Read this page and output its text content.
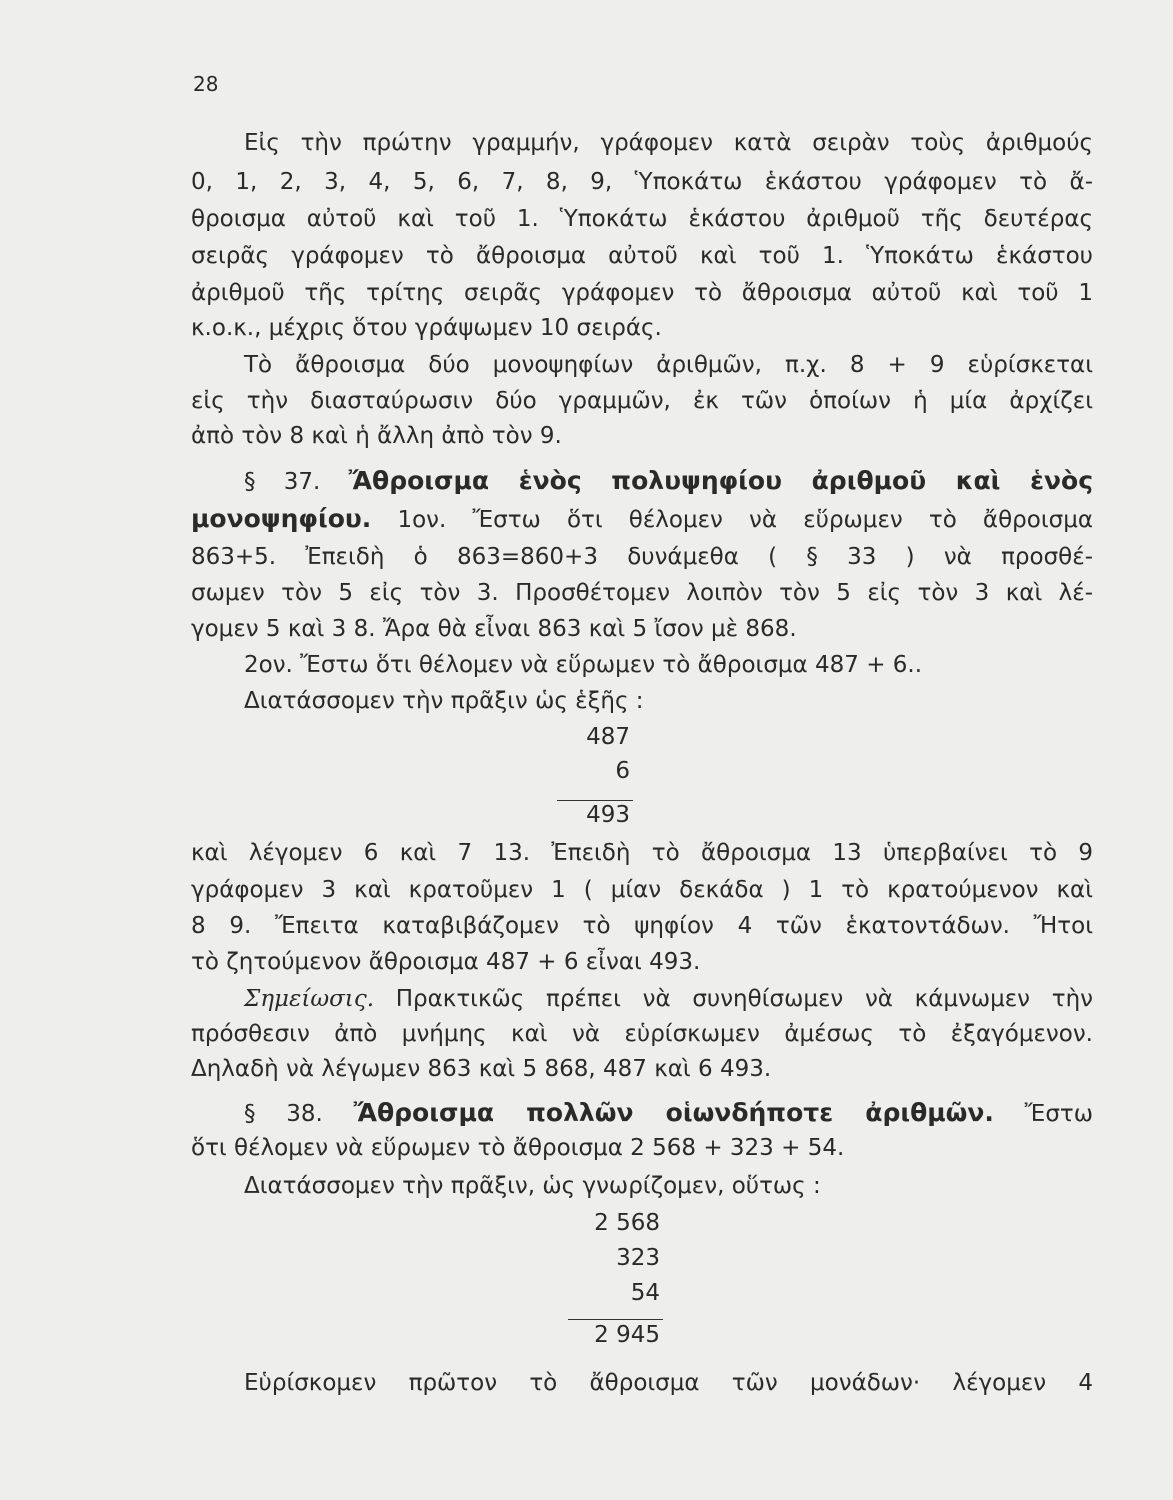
28
Εἰς τὴν πρώτην γραμμήν, γράφομεν κατὰ σειρὰν τοὺς ἀριθμούς
0, 1, 2, 3, 4, 5, 6, 7, 8, 9, Ὑποκάτω ἑκάστου γράφομεν τὸ ἄ-
θροισμα αὐτοῦ καὶ τοῦ 1. Ὑποκάτω ἑκάστου ἀριθμοῦ τῆς δευτέρας
σειρᾶς γράφομεν τὸ ἄθροισμα αὐτοῦ καὶ τοῦ 1. Ὑποκάτω ἑκάστου
ἀριθμοῦ τῆς τρίτης σειρᾶς γράφομεν τὸ ἄθροισμα αὐτοῦ καὶ τοῦ 1
κ.ο.κ., μέχρις ὅτου γράψωμεν 10 σειράς.
Τὸ ἄθροισμα δύο μονοψηφίων ἀριθμῶν, π.χ. 8 + 9 εὑρίσκεται
εἰς τὴν διασταύρωσιν δύο γραμμῶν, ἐκ τῶν ὁποίων ἡ μία ἀρχίζει
ἀπὸ τὸν 8 καὶ ἡ ἄλλη ἀπὸ τὸν 9.
§ 37. Ἄθροισμα ἑνὸς πολυψηφίου ἀριθμοῦ καὶ ἑνὸς
μονοψηφίου. 1ον. Ἔστω ὅτι θέλομεν νὰ εὕρωμεν τὸ ἄθροισμα
863+5. Ἐπειδὴ ὁ 863=860+3 δυνάμεθα ( § 33 ) νὰ προσθέ-
σωμεν τὸν 5 εἰς τὸν 3. Προσθέτομεν λοιπὸν τὸν 5 εἰς τὸν 3 καὶ λέ-
γομεν 5 καὶ 3 8. Ἄρα θὰ εἶναι 863 καὶ 5 ἴσον μὲ 868.
2ον. Ἔστω ὅτι θέλομεν νὰ εὕρωμεν τὸ ἄθροισμα 487 + 6..
Διατάσσομεν τὴν πρᾶξιν ὡς ἑξῆς :
487
6
493
καὶ λέγομεν 6 καὶ 7 13. Ἐπειδὴ τὸ ἄθροισμα 13 ὑπερβαίνει τὸ 9
γράφομεν 3 καὶ κρατοῦμεν 1 ( μίαν δεκάδα ) 1 τὸ κρατούμενον καὶ
8 9. Ἔπειτα καταβιβάζομεν τὸ ψηφίον 4 τῶν ἑκατοντάδων. Ἤτοι
τὸ ζητούμενον ἄθροισμα 487 + 6 εἶναι 493.
Σημείωσις. Πρακτικῶς πρέπει νὰ συνηθίσωμεν νὰ κάμνωμεν τὴν
πρόσθεσιν ἀπὸ μνήμης καὶ νὰ εὑρίσκωμεν ἀμέσως τὸ ἐξαγόμενον.
Δηλαδὴ νὰ λέγωμεν 863 καὶ 5 868, 487 καὶ 6 493.
§ 38. Ἄθροισμα πολλῶν οἱωνδήποτε ἀριθμῶν. Ἔστω
ὅτι θέλομεν νὰ εὕρωμεν τὸ ἄθροισμα 2 568 + 323 + 54.
Διατάσσομεν τὴν πρᾶξιν, ὡς γνωρίζομεν, οὕτως :
2 568
323
54
2 945
Εὑρίσκομεν πρῶτον τὸ ἄθροισμα τῶν μονάδων· λέγομεν 4
